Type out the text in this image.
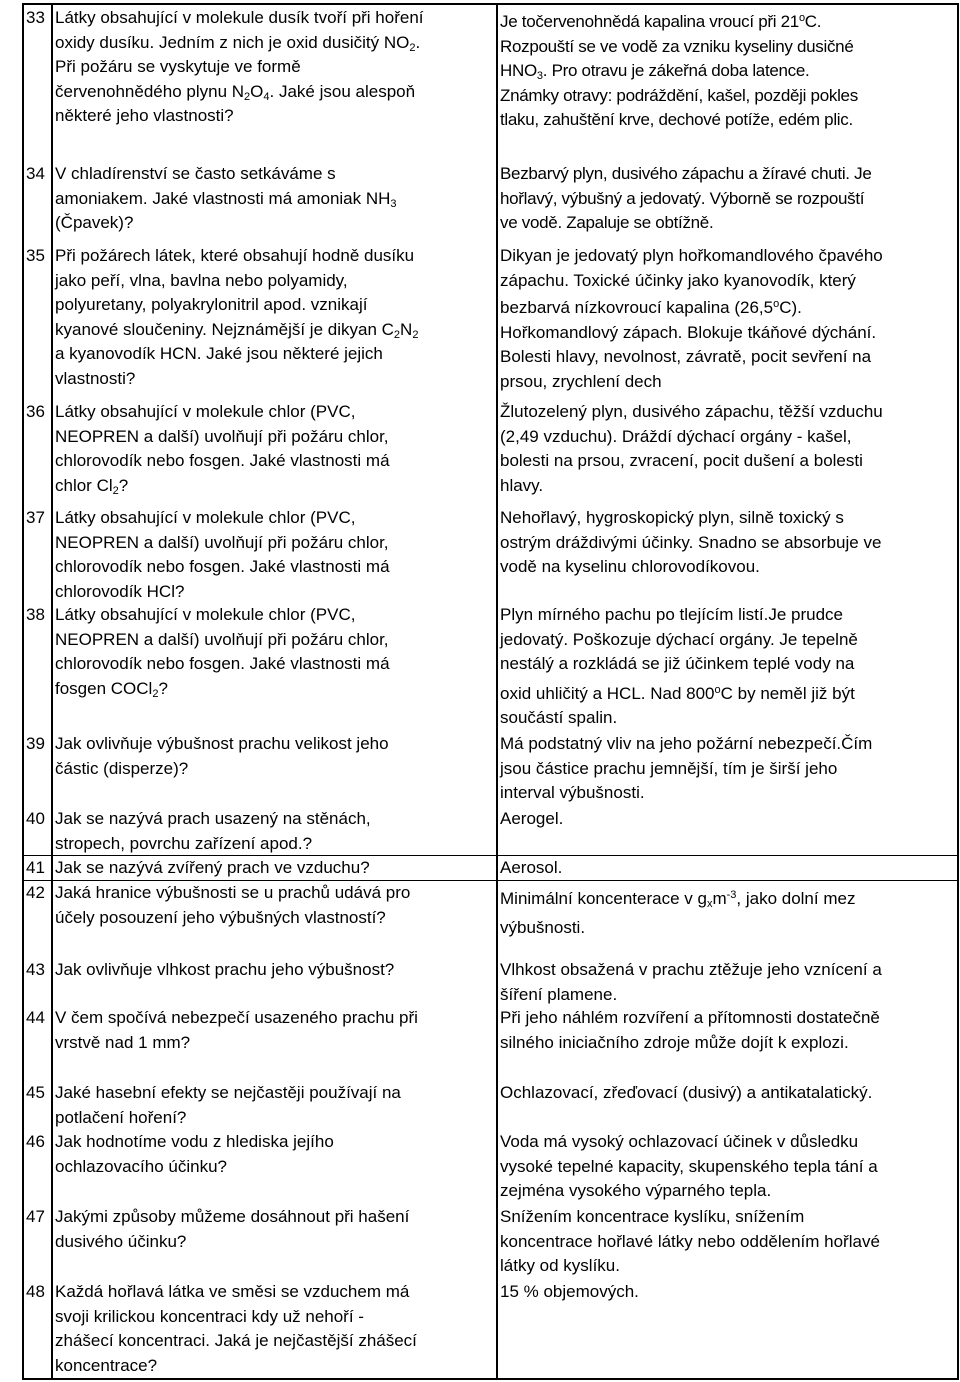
33 Látky obsahující v molekule dusík tvoří při hoření
oxidy dusíku. Jedním z nich je oxid dusičitý $NO_2$.
Při požáru se vyskytuje ve formě
červenohnědého plynu $N_2O_4$. Jaké jsou alespoň
některé jeho vlastnosti?
Je točervenohnědá kapalina vroucí při 21$^o$C.
Rozpouští se ve vodě za vzniku kyseliny dusičné
$HNO_3$. Pro otravu je zákeřná doba latence.
Známky otravy: podráždění, kašel, později pokles
tlaku, zahuštění krve, dechové potíže, edém plic.
34 V chladírenství se často setkáváme s
amoniakem. Jaké vlastnosti má amoniak $NH_3$
(Čpavek)?
Bezbarvý plyn, dusivého zápachu a žíravé chuti. Je
hořlavý, výbušný a jedovatý. Výborně se rozpouští
ve vodě. Zapaluje se obtížně.
35 Při požárech látek, které obsahují hodně dusíku
jako peří, vlna, bavlna nebo polyamidy,
polyuretany, polyakrylonitril apod. vznikají
kyanové sloučeniny. Nejznámější je dikyan $C_2N_2$
a kyanovodík HCN. Jaké jsou některé jejich
vlastnosti?
Dikyan je jedovatý plyn hořkomandlového čpavého
zápachu. Toxické účinky jako kyanovodík, který
bezbarvá nízkovroucí kapalina (26,5$^o$C).
Hořkomandlový zápach. Blokuje tkáňové dýchání.
Bolesti hlavy, nevolnost, závratě, pocit sevření na
prsou, zrychlení dech
36 Látky obsahující v molekule chlor (PVC,
NEOPREN a další) uvolňují při požáru chlor,
chlorovodík nebo fosgen. Jaké vlastnosti má
chlor $Cl_2$?
Žlutozelený plyn, dusivého zápachu, těžší vzduchu
(2,49 vzduchu). Dráždí dýchací orgány - kašel,
bolesti na prsou, zvracení, pocit dušení a bolesti
hlavy.
37 Látky obsahující v molekule chlor (PVC,
NEOPREN a další) uvolňují při požáru chlor,
chlorovodík nebo fosgen. Jaké vlastnosti má
chlorovodík HCl?
Nehořlavý, hygroskopický plyn, silně toxický s
ostrým dráždivými účinky. Snadno se absorbuje ve
vodě na kyselinu chlorovodíkovou.
38 Látky obsahující v molekule chlor (PVC,
NEOPREN a další) uvolňují při požáru chlor,
chlorovodík nebo fosgen. Jaké vlastnosti má
fosgen COCl$_2$?
Plyn mírného pachu po tlejícím listí.Je prudce
jedovatý. Poškozuje dýchací orgány. Je tepelně
nestálý a rozkládá se již účinkem teplé vody na
oxid uhličitý a HCL. Nad 800$^o$C by neměl již být
součástí spalin.
39 Jak ovlivňuje výbušnost prachu velikost jeho
částic (disperze)?
Má podstatný vliv na jeho požární nebezpečí.Čím
jsou částice prachu jemnější, tím je širší jeho
interval výbušnosti.
40 Jak se nazývá prach usazený na stěnách,
stropech, povrchu zařízení apod.?
Aerogel.
41 Jak se nazývá zvířený prach ve vzduchu?	Aerosol.
42 Jaká hranice výbušnosti se u prachů udává pro
účely posouzení jeho výbušných vlastností?
Minimální koncenterace v $g_xm^{-3}$, jako dolní mez
výbušnosti.
43 Jak ovlivňuje vlhkost prachu jeho výbušnost?	Vlhkost obsažená v prachu ztěžuje jeho vznícení a
šíření plamene.
44 V čem spočívá nebezpečí usazeného prachu při
vrstvě nad 1 mm?
Při jeho náhlém rozvíření a přítomnosti dostatečně
silného iniciačního zdroje může dojít k explozi.
45 Jaké hasební efekty se nejčastěji používají na
potlačení hoření?
Ochlazovací, zřeďovací (dusivý) a antikatalatický.
46 Jak hodnotíme vodu z hlediska jejího
ochlazovacího účinku?
Voda má vysoký ochlazovací účinek v důsledku
vysoké tepelné kapacity, skupenského tepla tání a
zejména vysokého výparného tepla.
47 Jakými způsoby můžeme dosáhnout při hašení
dusivého účinku?
Snížením koncentrace kyslíku, snížením
koncentrace hořlavé látky nebo oddělením hořlavé
látky od kyslíku.
48 Každá hořlavá látka ve směsi se vzduchem má
svoji krilickou koncentraci kdy už nehoří -
zhášecí koncentraci. Jaká je nejčastější zhášecí
koncentrace?
15 % objemových.
